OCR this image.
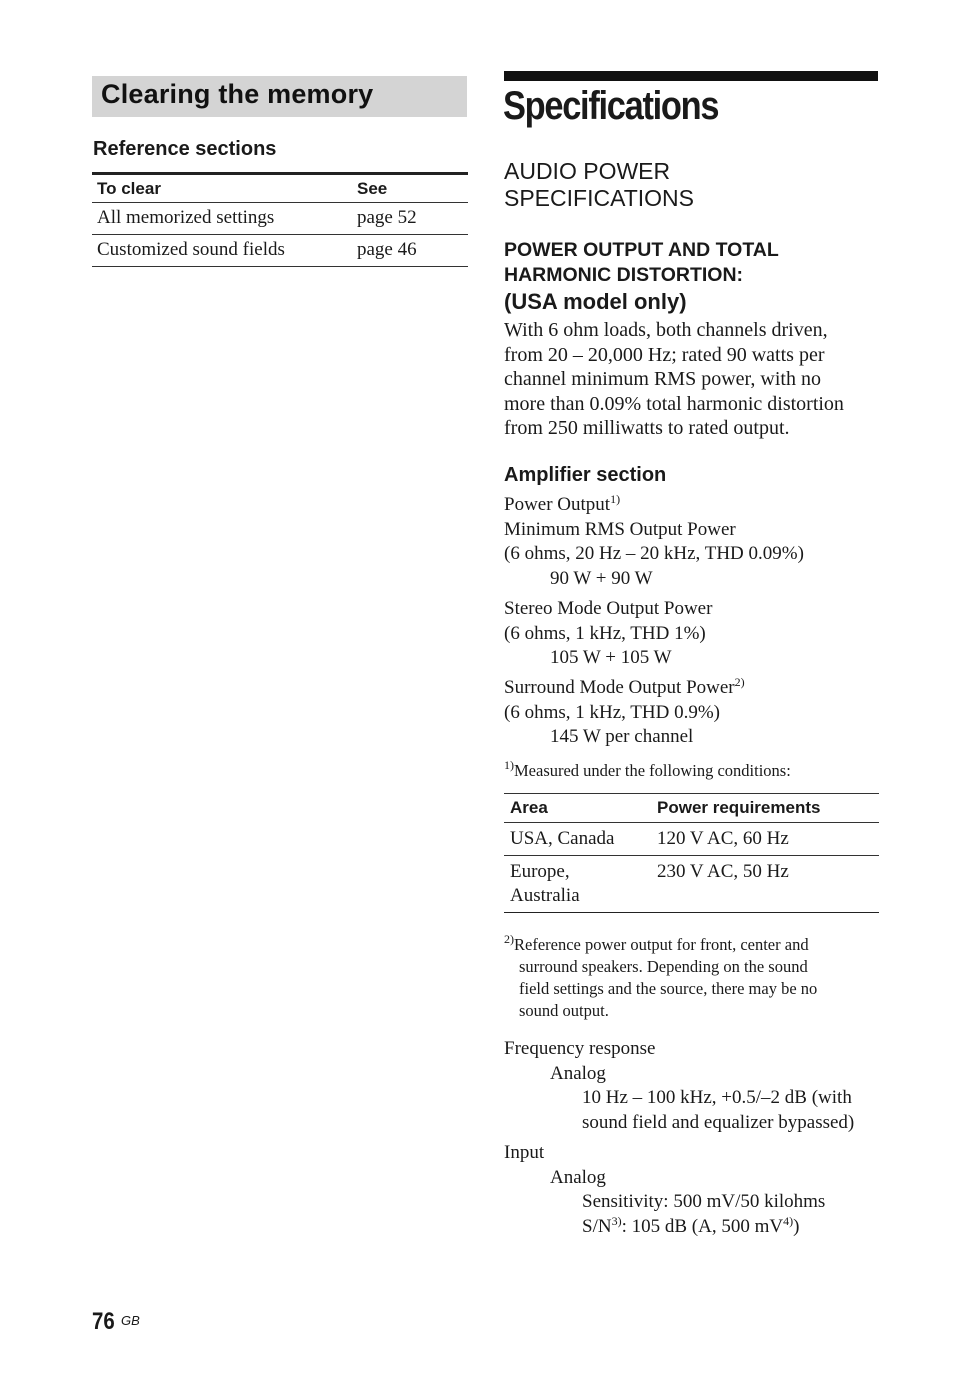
Clearing the memory
Reference sections
To clear	See
All memorized settings	page 52
Customized sound fields	page 46
Specifications
AUDIO POWER
SPECIFICATIONS
POWER OUTPUT AND TOTAL
HARMONIC DISTORTION:
(USA model only)
With 6 ohm loads, both channels driven,
from 20 – 20,000 Hz; rated 90 watts per
channel minimum RMS power, with no
more than 0.09% total harmonic distortion
from 250 milliwatts to rated output.
Amplifier section
Power Output$^{1)}$
Minimum RMS Output Power
(6 ohms, 20 Hz – 20 kHz, THD 0.09%)
90 W + 90 W
Stereo Mode Output Power
(6 ohms, 1 kHz, THD 1%)
105 W + 105 W
Surround Mode Output Power$^{2)}$
(6 ohms, 1 kHz, THD 0.9%)
145 W per channel
$^{1)}$Measured under the following conditions:
Area	Power requirements
USA, Canada	120 V AC, 60 Hz

Europe,
Australia	230 V AC, 50 Hz
$^{2)}$Reference power output for front, center and
surround speakers. Depending on the sound
field settings and the source, there may be no
sound output.
Frequency response
Analog
10 Hz – 100 kHz, +0.5/–2 dB (with
sound field and equalizer bypassed)
Input
Analog
Sensitivity: 500 mV/50 kilohms
$S/N^{3)}$: 105 dB (A, 500 $mV^{4)}$)
76 GB
